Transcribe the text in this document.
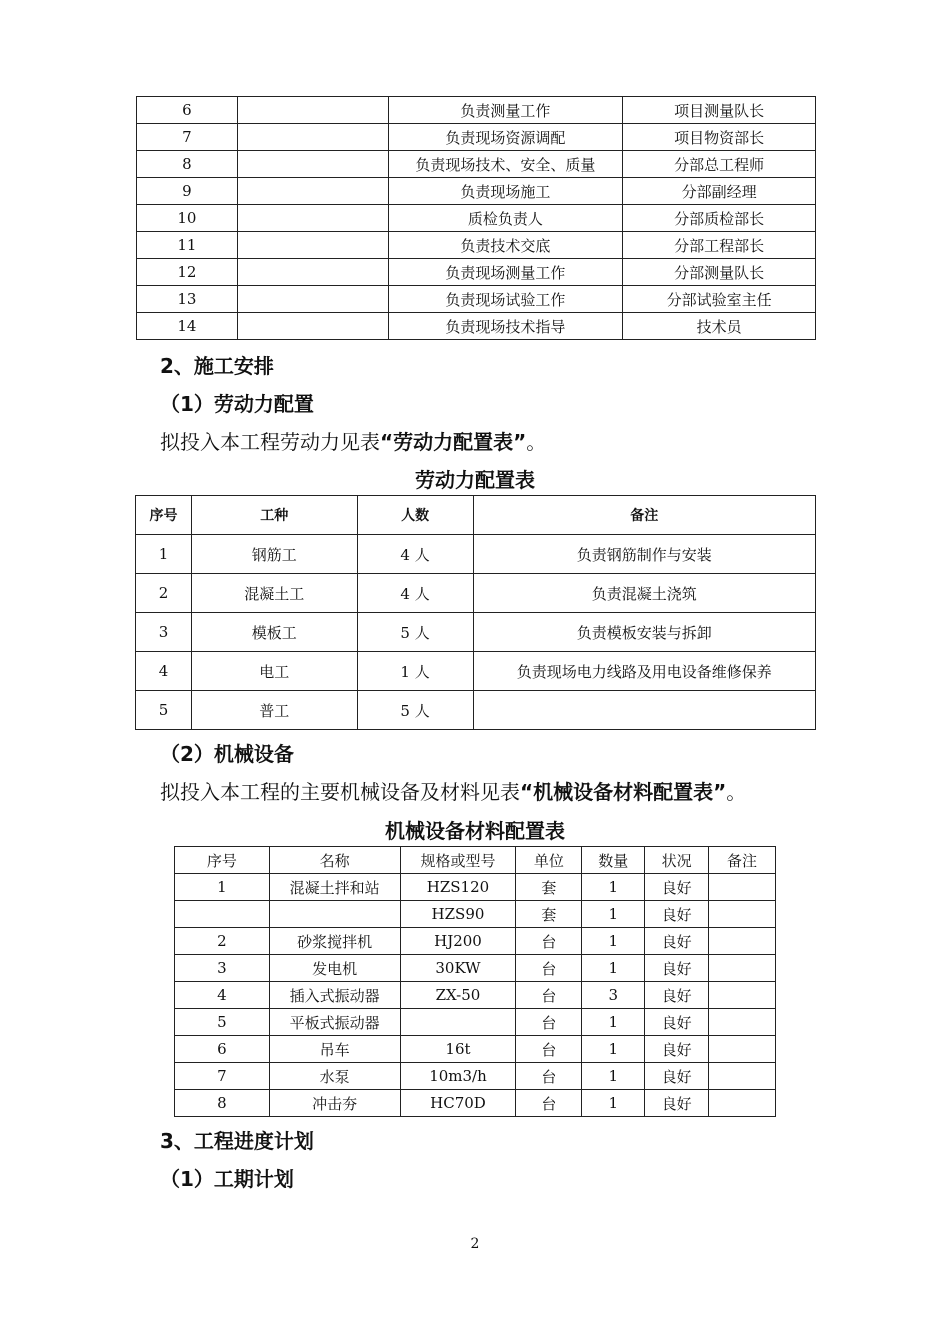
6		负责测量工作	项目测量队长
7		负责现场资源调配	项目物资部长
8		负责现场技术、安全、质量	分部总工程师
9		负责现场施工	分部副经理
10		质检负责人	分部质检部长
11		负责技术交底	分部工程部长
12		负责现场测量工作	分部测量队长
13		负责现场试验工作	分部试验室主任
14		负责现场技术指导	技术员
2、施工安排
（1）劳动力配置
拟投入本工程劳动力见表“劳动力配置表”。
劳动力配置表
序号	工种	人数	备注
1	钢筋工	4 人	负责钢筋制作与安装
2	混凝土工	4 人	负责混凝土浇筑
3	模板工	5 人	负责模板安装与拆卸
4	电工	1 人	负责现场电力线路及用电设备维修保养
5	普工	5 人	
（2）机械设备
拟投入本工程的主要机械设备及材料见表“机械设备材料配置表”。
机械设备材料配置表
序号	名称	规格或型号	单位	数量	状况	备注
1	混凝土拌和站	HZS120	套	1	良好	
		HZS90	套	1	良好	
2	砂浆搅拌机	HJ200	台	1	良好	
3	发电机	30KW	台	1	良好	
4	插入式振动器	ZX-50	台	3	良好	
5	平板式振动器		台	1	良好	
6	吊车	16t	台	1	良好	
7	水泵	10m3/h	台	1	良好	
8	冲击夯	HC70D	台	1	良好	
3、工程进度计划
（1）工期计划
2
